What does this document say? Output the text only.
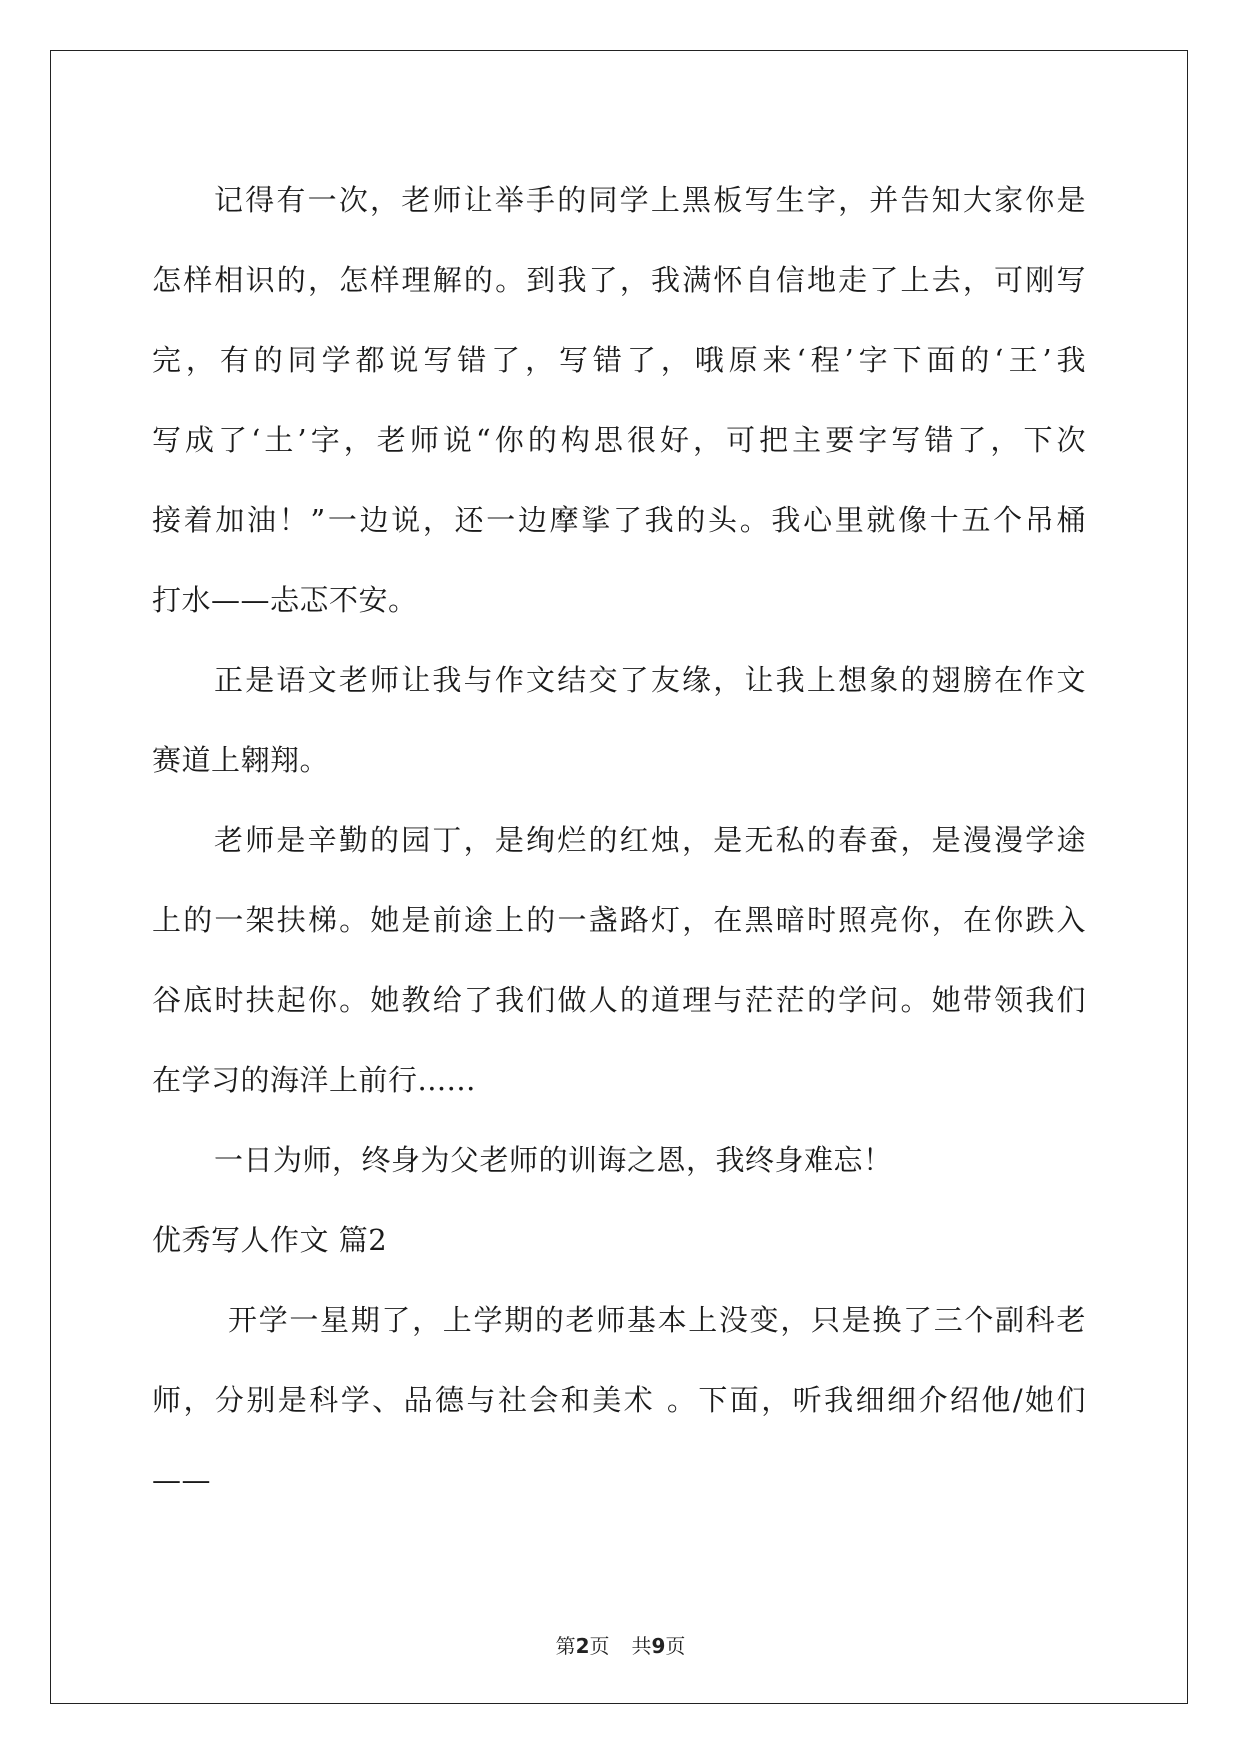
记得有一次，老师让举手的同学上黑板写生字，并告知大家你是
怎样相识的，怎样理解的。到我了，我满怀自信地走了上去，可刚写
完，有的同学都说写错了，写错了，哦原来‘程’字下面的‘王’我
写成了‘土’字，老师说“你的构思很好，可把主要字写错了，下次
接着加油！”一边说，还一边摩挲了我的头。我心里就像十五个吊桶
打水——忐忑不安。
正是语文老师让我与作文结交了友缘，让我上想象的翅膀在作文
赛道上翱翔。
老师是辛勤的园丁，是绚烂的红烛，是无私的春蚕，是漫漫学途
上的一架扶梯。她是前途上的一盏路灯，在黑暗时照亮你，在你跌入
谷底时扶起你。她教给了我们做人的道理与茫茫的学问。她带领我们
在学习的海洋上前行......
一日为师，终身为父老师的训诲之恩，我终身难忘！
优秀写人作文 篇2
开学一星期了，上学期的老师基本上没变，只是换了三个副科老
师，分别是科学、品德与社会和美术 。下面，听我细细介绍他/她们
——
第2页 共9页
